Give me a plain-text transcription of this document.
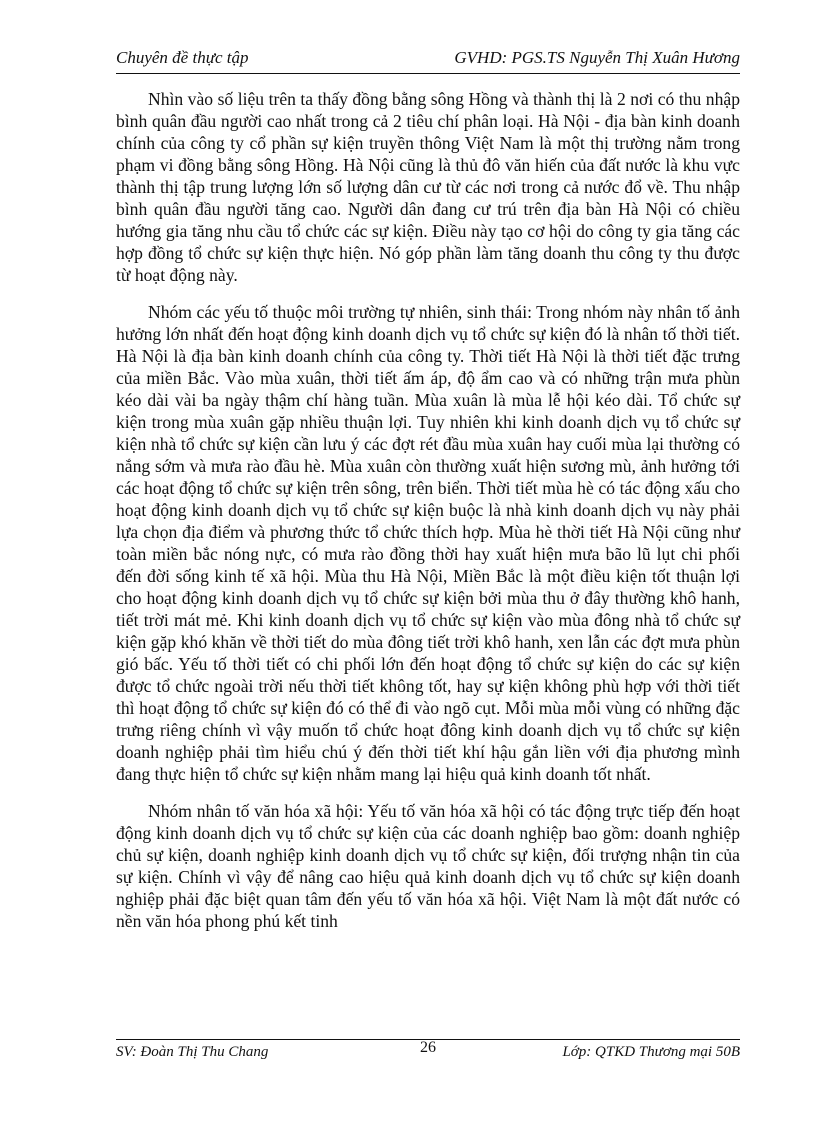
Chuyên đề thực tập	GVHD: PGS.TS Nguyễn Thị Xuân Hương

Nhìn vào số liệu trên ta thấy đồng bằng sông Hồng và thành thị là 2 nơi có thu nhập bình quân đầu người cao nhất trong cả 2 tiêu chí phân loại. Hà Nội - địa bàn kinh doanh chính của công ty cổ phần sự kiện truyền thông Việt Nam là một thị trường nằm trong phạm vi đồng bằng sông Hồng. Hà Nội cũng là thủ đô văn hiến của đất nước là khu vực thành thị tập trung lượng lớn số lượng dân cư từ các nơi trong cả nước đổ về. Thu nhập bình quân đầu người tăng cao. Người dân đang cư trú trên địa bàn Hà Nội có chiều hướng gia tăng nhu cầu tổ chức các sự kiện. Điều này tạo cơ hội do công ty gia tăng các hợp đồng tổ chức sự kiện thực hiện. Nó góp phần làm tăng doanh thu công ty thu được từ hoạt động này.

Nhóm các yếu tố thuộc môi trường tự nhiên, sinh thái: Trong nhóm này nhân tố ảnh hưởng lớn nhất đến hoạt động kinh doanh dịch vụ tổ chức sự kiện đó là nhân tố thời tiết. Hà Nội là địa bàn kinh doanh chính của công ty. Thời tiết Hà Nội là thời tiết đặc trưng của miền Bắc. Vào mùa xuân, thời tiết ấm áp, độ ẩm cao và có những trận mưa phùn kéo dài vài ba ngày thậm chí hàng tuần. Mùa xuân là mùa lễ hội kéo dài. Tổ chức sự kiện trong mùa xuân gặp nhiều thuận lợi. Tuy nhiên khi kinh doanh dịch vụ tổ chức sự kiện nhà tổ chức sự kiện cần lưu ý các đợt rét đầu mùa xuân hay cuối mùa lại thường có nắng sớm và mưa rào đầu hè. Mùa xuân còn thường xuất hiện sương mù, ảnh hưởng tới các hoạt động tổ chức sự kiện trên sông, trên biển. Thời tiết mùa hè có tác động xấu cho hoạt động kinh doanh dịch vụ tổ chức sự kiện buộc là nhà kinh doanh dịch vụ này phải lựa chọn địa điểm và phương thức tổ chức thích hợp. Mùa hè thời tiết Hà Nội cũng như toàn miền bắc nóng nực, có mưa rào đồng thời hay xuất hiện mưa bão lũ lụt chi phối đến đời sống kinh tế xã hội. Mùa thu Hà Nội, Miền Bắc là một điều kiện tốt thuận lợi cho hoạt động kinh doanh dịch vụ tổ chức sự kiện bởi mùa thu ở đây thường khô hanh, tiết trời mát mẻ. Khi kinh doanh dịch vụ tổ chức sự kiện vào mùa đông nhà tổ chức sự kiện gặp khó khăn về thời tiết do mùa đông tiết trời khô hanh, xen lẫn các đợt mưa phùn gió bấc. Yếu tố thời tiết có chi phối lớn đến hoạt động tổ chức sự kiện do các sự kiện được tổ chức ngoài trời nếu thời tiết không tốt, hay sự kiện không phù hợp với thời tiết thì hoạt động tổ chức sự kiện đó có thể đi vào ngõ cụt. Mỗi mùa mỗi vùng có những đặc trưng riêng chính vì vậy muốn tổ chức hoạt đông kinh doanh dịch vụ tổ chức sự kiện doanh nghiệp phải tìm hiểu chú ý đến thời tiết khí hậu gắn liền với địa phương mình đang thực hiện tổ chức sự kiện nhằm mang lại hiệu quả kinh doanh tốt nhất.

Nhóm nhân tố văn hóa xã hội: Yếu tố văn hóa xã hội có tác động trực tiếp đến hoạt động kinh doanh dịch vụ tổ chức sự kiện của các doanh nghiệp bao gồm: doanh nghiệp chủ sự kiện, doanh nghiệp kinh doanh dịch vụ tổ chức sự kiện, đối trượng nhận tin của sự kiện. Chính vì vậy để nâng cao hiệu quả kinh doanh dịch vụ tổ chức sự kiện doanh nghiệp phải đặc biệt quan tâm đến yếu tố văn hóa xã hội. Việt Nam là một đất nước có nền văn hóa phong phú kết tinh

SV: Đoàn Thị Thu Chang	26	Lớp: QTKD Thương mại 50B
